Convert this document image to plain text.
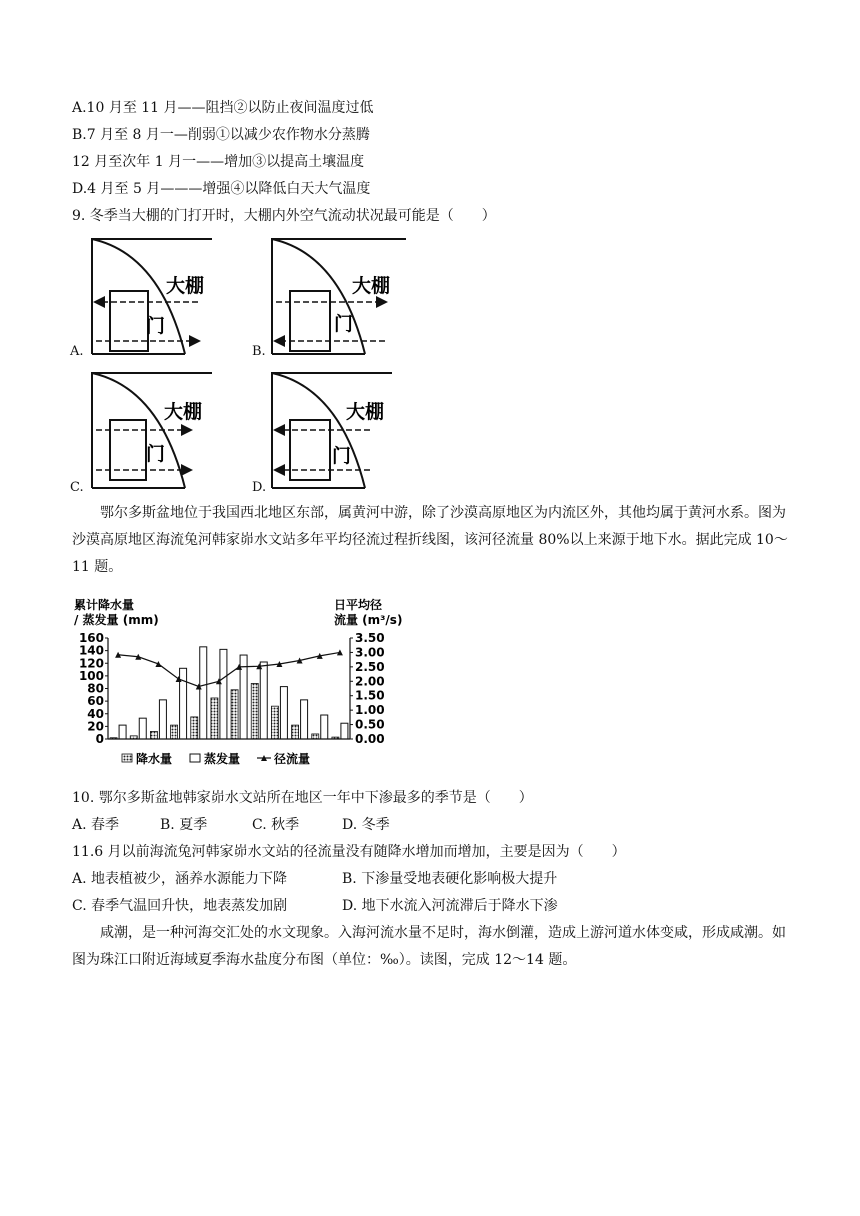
A.10 月至 11 月——阻挡②以防止夜间温度过低
B.7 月至 8 月一—削弱①以减少农作物水分蒸腾
12 月至次年 1 月一——增加③以提高土壤温度
D.4 月至 5 月———增强④以降低白天大气温度
9. 冬季当大棚的门打开时，大棚内外空气流动状况最可能是（　　）
大棚
门
A.
大棚
门
B.
大棚
门
C.
大棚
门
D.
鄂尔多斯盆地位于我国西北地区东部，属黄河中游，除了沙漠高原地区为内流区外，其他均属于黄河水系。图为沙漠高原地区海流兔河韩家峁水文站多年平均径流过程折线图，该河径流量 80%以上来源于地下水。据此完成 10～11 题。
累计降水量
/ 蒸发量 (mm)
日平均径
流量 (m³/s)
0
20
40
60
80
100
120
140
160
0.00
0.50
1.00
1.50
2.00
2.50
3.00
3.50
降水量	蒸发量	径流量
10. 鄂尔多斯盆地韩家峁水文站所在地区一年中下渗最多的季节是（　　）
A. 春季	B. 夏季	C. 秋季	D. 冬季
11.6 月以前海流兔河韩家峁水文站的径流量没有随降水增加而增加，主要是因为（　　）
A. 地表植被少，涵养水源能力下降	B. 下渗量受地表硬化影响极大提升
C. 春季气温回升快，地表蒸发加剧	D. 地下水流入河流滞后于降水下渗
咸潮，是一种河海交汇处的水文现象。入海河流水量不足时，海水倒灌，造成上游河道水体变咸，形成咸潮。如图为珠江口附近海域夏季海水盐度分布图（单位：‰）。读图，完成 12～14 题。
